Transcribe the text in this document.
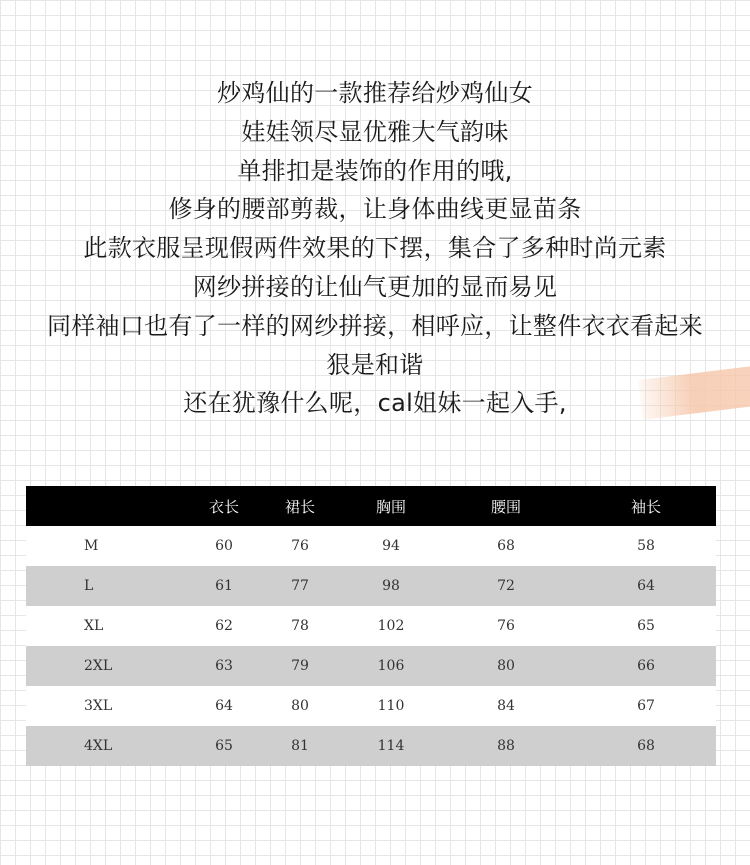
炒鸡仙的一款推荐给炒鸡仙女
娃娃领尽显优雅大气韵味
单排扣是装饰的作用的哦,
修身的腰部剪裁，让身体曲线更显苗条
此款衣服呈现假两件效果的下摆，集合了多种时尚元素
网纱拼接的让仙气更加的显而易见
同样袖口也有了一样的网纱拼接，相呼应，让整件衣衣看起来
狠是和谐
还在犹豫什么呢，cal姐妹一起入手,
	衣长	裙长	胸围	腰围	袖长
M	60	76	94	68	58
L	61	77	98	72	64
XL	62	78	102	76	65
2XL	63	79	106	80	66
3XL	64	80	110	84	67
4XL	65	81	114	88	68
